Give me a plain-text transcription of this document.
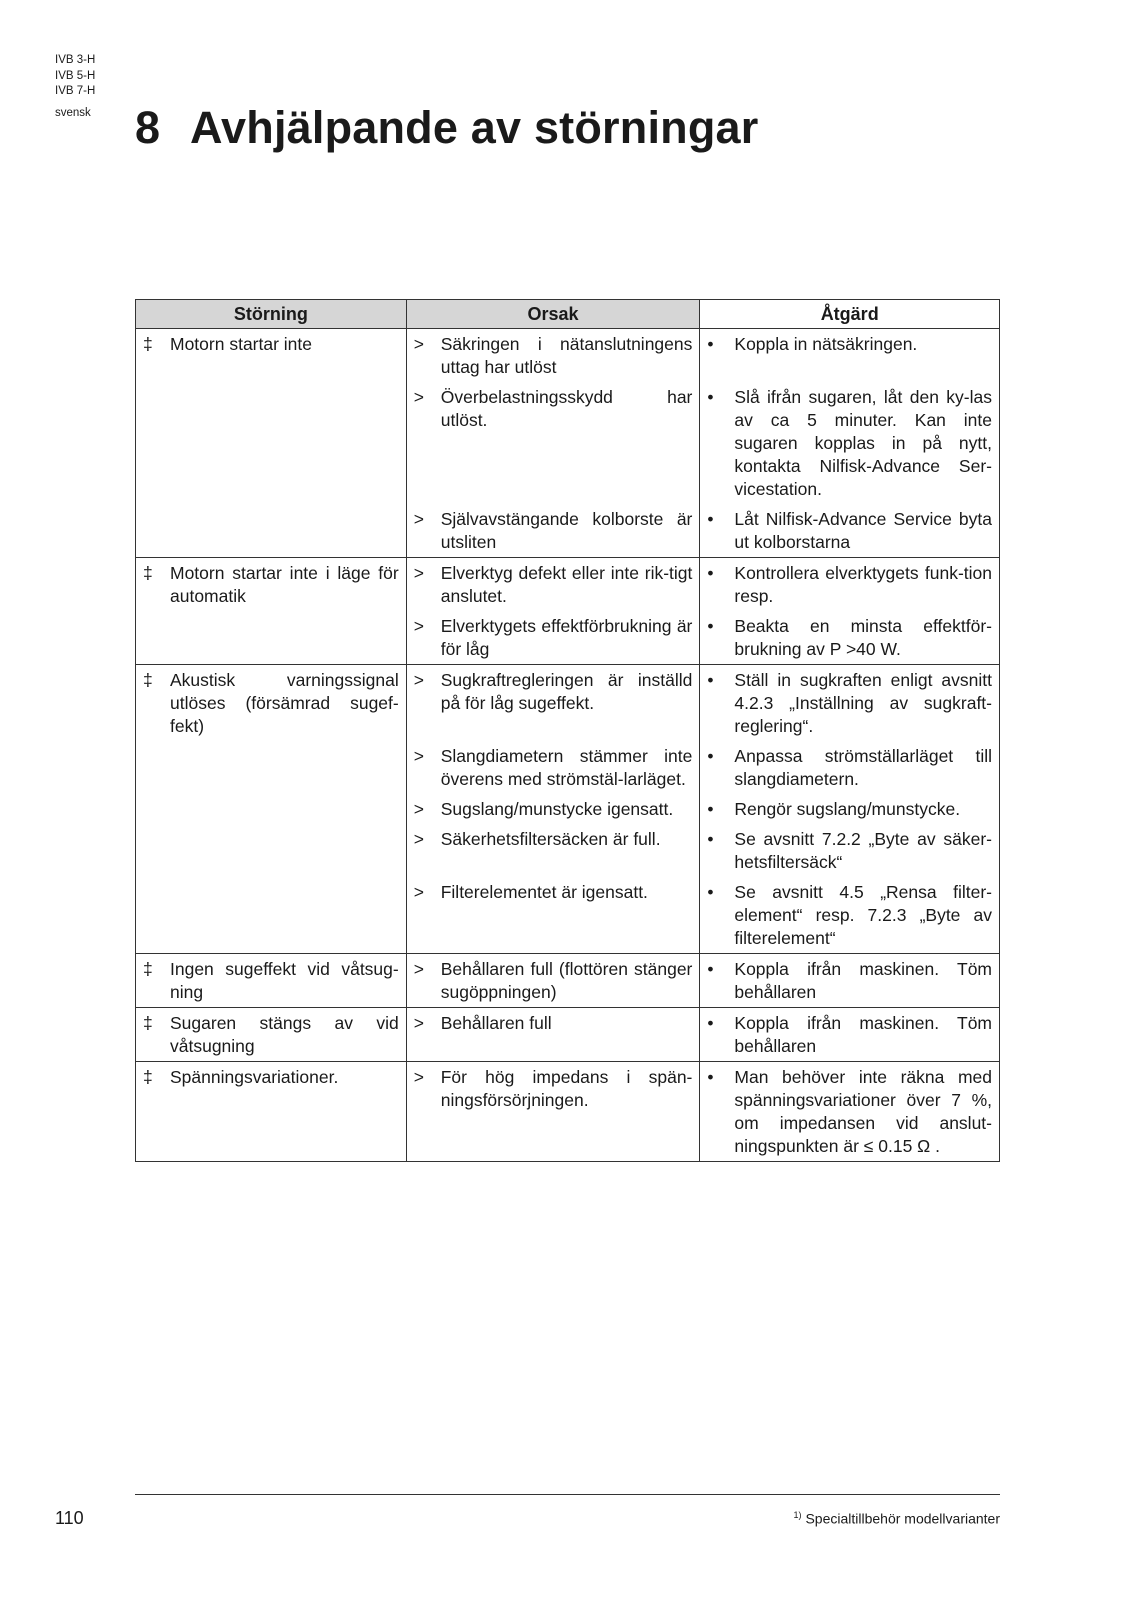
IVB 3-H
IVB 5-H
IVB 7-H
svensk 8 Avhjälpande av störningar
Störning	Orsak	Åtgärd

‡ Motorn startar inte	> Säkringen i nätanslutningens uttag har utlöst	• Koppla in nätsäkringen.

	> Överbelastningsskydd har utlöst.	• Slå ifrån sugaren, låt den ky-las av ca 5 minuter. Kan inte sugaren kopplas in på nytt, kontakta Nilfisk-Advance Ser-vicestation.

	> Självavstängande kolborste är utsliten	• Låt Nilfisk-Advance Service byta ut kolborstarna

‡ Motorn startar inte i läge för automatik	> Elverktyg defekt eller inte rik-tigt anslutet.	• Kontrollera elverktygets funk-tion resp.

	> Elverktygets effektförbrukning är för låg	• Beakta en minsta effektför-brukning av P >40 W.

‡ Akustisk varningssignal utlöses (försämrad sugef-fekt)	> Sugkraftregleringen är inställd på för låg sugeffekt.	• Ställ in sugkraften enligt avsnitt 4.2.3 „Inställning av sugkraft-reglering“.

	> Slangdiametern stämmer inte överens med strömstäl-larläget.	• Anpassa strömställarläget till slangdiametern.

	> Sugslang/munstycke igensatt.	• Rengör sugslang/munstycke.

	> Säkerhetsfiltersäcken är full.	• Se avsnitt 7.2.2 „Byte av säker-hetsfiltersäck“

	> Filterelementet är igensatt.	• Se avsnitt 4.5 „Rensa filter-element“ resp. 7.2.3 „Byte av filterelement“

‡ Ingen sugeffekt vid våtsug-ning	> Behållaren full (flottören stänger sugöppningen)	• Koppla ifrån maskinen. Töm behållaren

‡ Sugaren stängs av vid våtsugning	> Behållaren full	• Koppla ifrån maskinen. Töm behållaren

‡ Spänningsvariationer.	> För hög impedans i spän-ningsförsörjningen.	• Man behöver inte räkna med spänningsvariationer över 7 %, om impedansen vid anslut-ningspunkten är ≤ 0.15 Ω .
110	$^{1)}$ Specialtillbehör modellvarianter
